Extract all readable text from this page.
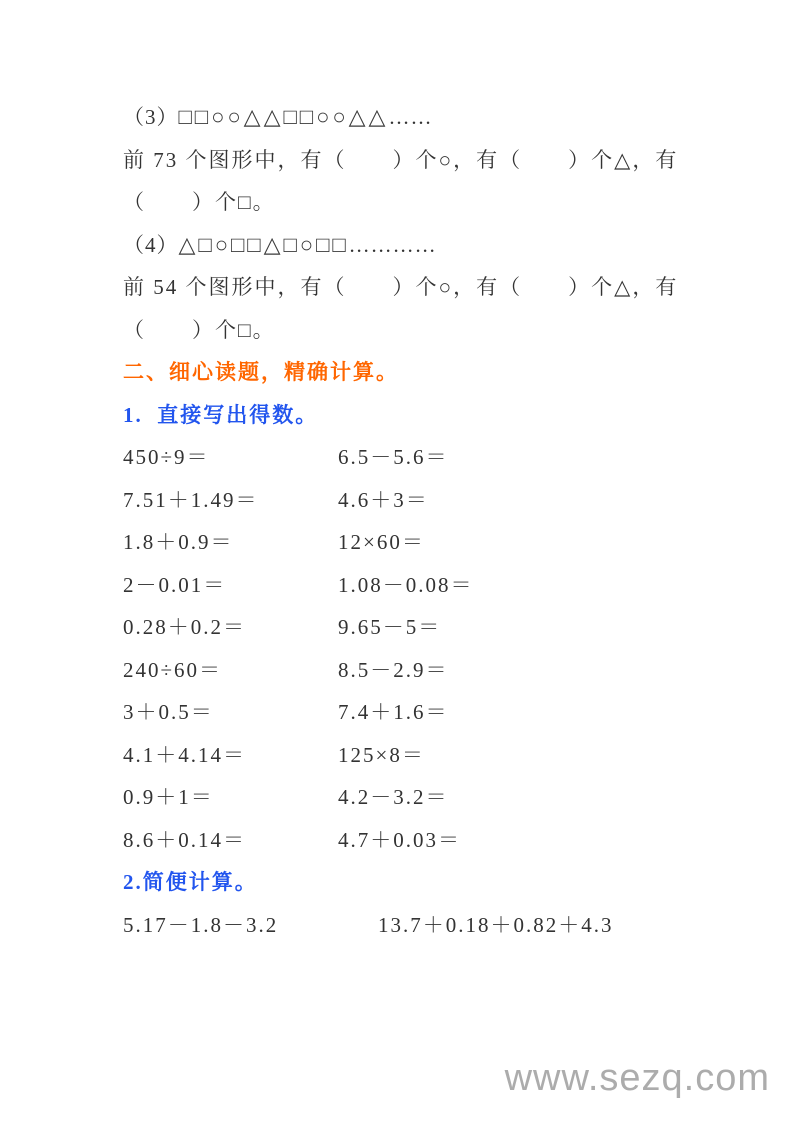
（3）□□○○△△□□○○△△……
前 73 个图形中，有（　　）个○，有（　　）个△，有
（　　）个□。
（4）△□○□□△□○□□…………
前 54 个图形中，有（　　）个○，有（　　）个△，有
（　　）个□。
二、细心读题，精确计算。
1.  直接写出得数。
450÷9＝	6.5－5.6＝
7.51＋1.49＝	4.6＋3＝
1.8＋0.9＝	12×60＝
2－0.01＝	1.08－0.08＝
0.28＋0.2＝	9.65－5＝
240÷60＝	8.5－2.9＝
3＋0.5＝	7.4＋1.6＝
4.1＋4.14＝	125×8＝
0.9＋1＝	4.2－3.2＝
8.6＋0.14＝	4.7＋0.03＝
2.简便计算。
5.17－1.8－3.2	13.7＋0.18＋0.82＋4.3
www.sezq.com
